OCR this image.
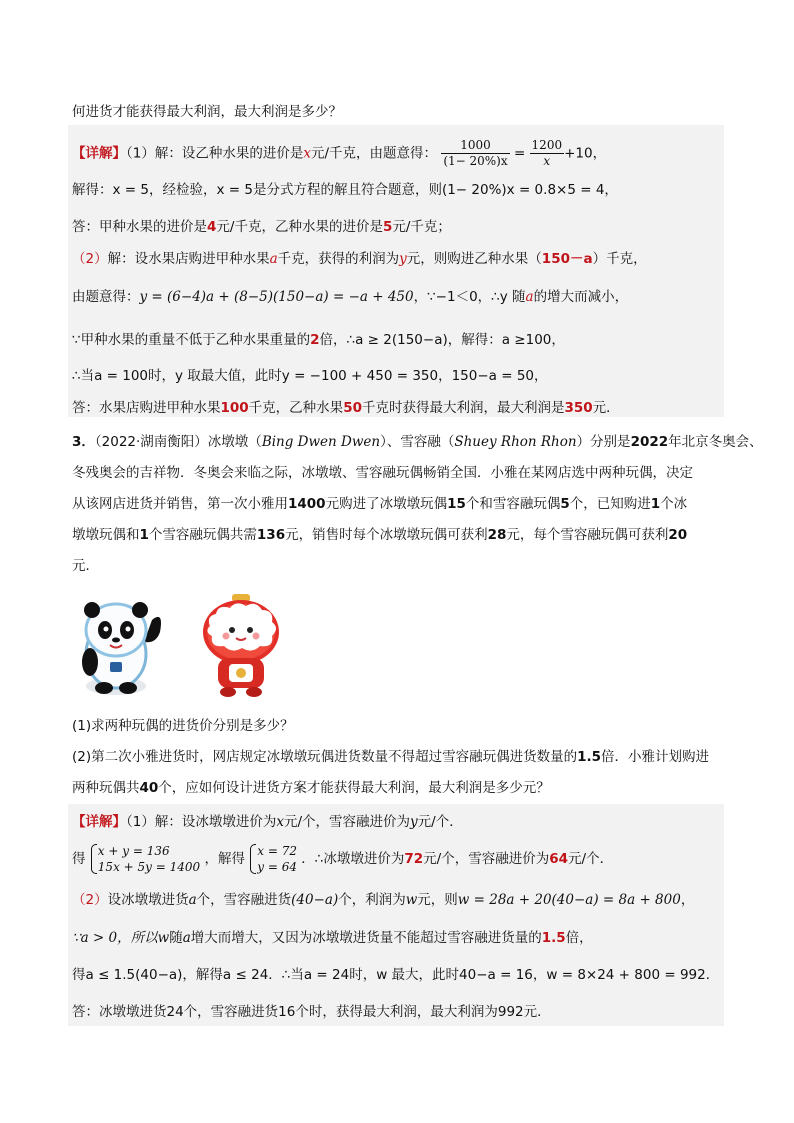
何进货才能获得最大利润，最大利润是多少？
【详解】（1）解：设乙种水果的进价是x元/千克，由题意得： $\frac{1000}{(1- 20\%)x} = \frac{1200}{x} +10$，
解得：x = 5，经检验，x = 5是分式方程的解且符合题意，则(1− 20%)x = 0.8×5 = 4，
答：甲种水果的进价是4元/千克，乙种水果的进价是5元/千克；
（2）解：设水果店购进甲种水果a千克，获得的利润为y元，则购进乙种水果（150－a）千克，
由题意得：y = (6−4)a + (8−5)(150−a) = −a + 450，∵−1＜0，∴y 随a的增大而减小，
∵甲种水果的重量不低于乙种水果重量的2倍，∴a ≥ 2(150−a)，解得：a ≥100，
∴当a = 100时，y 取最大值，此时y = −100 + 450 = 350，150−a = 50，
答：水果店购进甲种水果100千克，乙种水果50千克时获得最大利润，最大利润是350元．
3．（2022·湖南衡阳）冰墩墩（Bing Dwen Dwen）、雪容融（Shuey Rhon Rhon）分别是2022年北京冬奥会、
冬残奥会的吉祥物．冬奥会来临之际，冰墩墩、雪容融玩偶畅销全国．小雅在某网店选中两种玩偶，决定
从该网店进货并销售，第一次小雅用1400元购进了冰墩墩玩偶15个和雪容融玩偶5个，已知购进1个冰
墩墩玩偶和1个雪容融玩偶共需136元，销售时每个冰墩墩玩偶可获利28元，每个雪容融玩偶可获利20
元．
(1)求两种玩偶的进货价分别是多少？
(2)第二次小雅进货时，网店规定冰墩墩玩偶进货数量不得超过雪容融玩偶进货数量的1.5倍．小雅计划购进
两种玩偶共40个，应如何设计进货方案才能获得最大利润，最大利润是多少元？
【详解】（1）解：设冰墩墩进价为x元/个，雪容融进价为y元/个．
得 x + y = 136
15x + 5y = 1400 ，解得 x = 72
y = 64 ．∴冰墩墩进价为72元/个，雪容融进价为64元/个．
（2）设冰墩墩进货a个，雪容融进货(40−a)个，利润为w元，则w = 28a + 20(40−a) = 8a + 800，
∵a > 0，所以w随a增大而增大，又因为冰墩墩进货量不能超过雪容融进货量的1.5倍，
得a ≤ 1.5(40−a)，解得a ≤ 24．∴当a = 24时，w 最大，此时40−a = 16，w = 8×24 + 800 = 992．
答：冰墩墩进货24个，雪容融进货16个时，获得最大利润，最大利润为992元．
